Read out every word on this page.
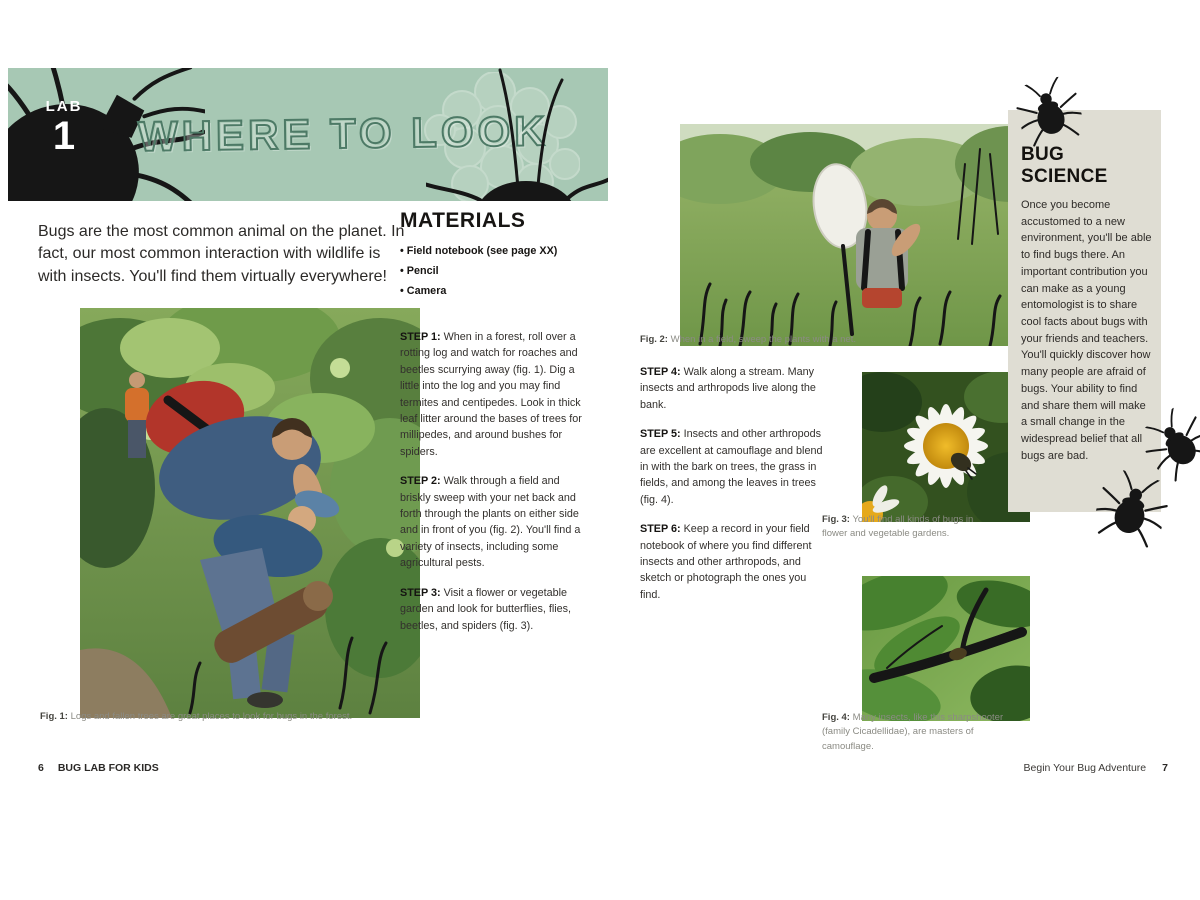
LAB
1	WHERE TO LOOK

Bugs are the most common animal on the planet. In fact, our most common interaction with wildlife is with insects. You'll find them virtually everywhere!

Fig. 1: Logs and fallen trees are great places to look for bugs in the forest.

MATERIALS
• Field notebook (see page XX)
• Pencil
• Camera

STEP 1: When in a forest, roll over a rotting log and watch for roaches and beetles scurrying away (fig. 1). Dig a little into the log and you may find termites and centipedes. Look in thick leaf litter around the bases of trees for millipedes, and around bushes for spiders.

STEP 2: Walk through a field and briskly sweep with your net back and forth through the plants on either side and in front of you (fig. 2). You'll find a variety of insects, including some agricultural pests.

STEP 3: Visit a flower or vegetable garden and look for butterflies, flies, beetles, and spiders (fig. 3).

6 BUG LAB FOR KIDS

Fig. 2: When in a field, sweep the plants with a net.

STEP 4: Walk along a stream. Many insects and arthropods live along the bank.

STEP 5: Insects and other arthropods are excellent at camouflage and blend in with the bark on trees, the grass in fields, and among the leaves in trees (fig. 4).

STEP 6: Keep a record in your field notebook of where you find different insects and other arthropods, and sketch or photograph the ones you find.

Fig. 3: You'll find all kinds of bugs in flower and vegetable gardens.

Fig. 4: Many insects, like this sharpshooter (family Cicadellidae), are masters of camouflage.

BUG SCIENCE

Once you become accustomed to a new environment, you'll be able to find bugs there. An important contribution you can make as a young entomologist is to share cool facts about bugs with your friends and teachers. You'll quickly discover how many people are afraid of bugs. Your ability to find and share them will make a small change in the widespread belief that all bugs are bad.

Begin Your Bug Adventure 7
